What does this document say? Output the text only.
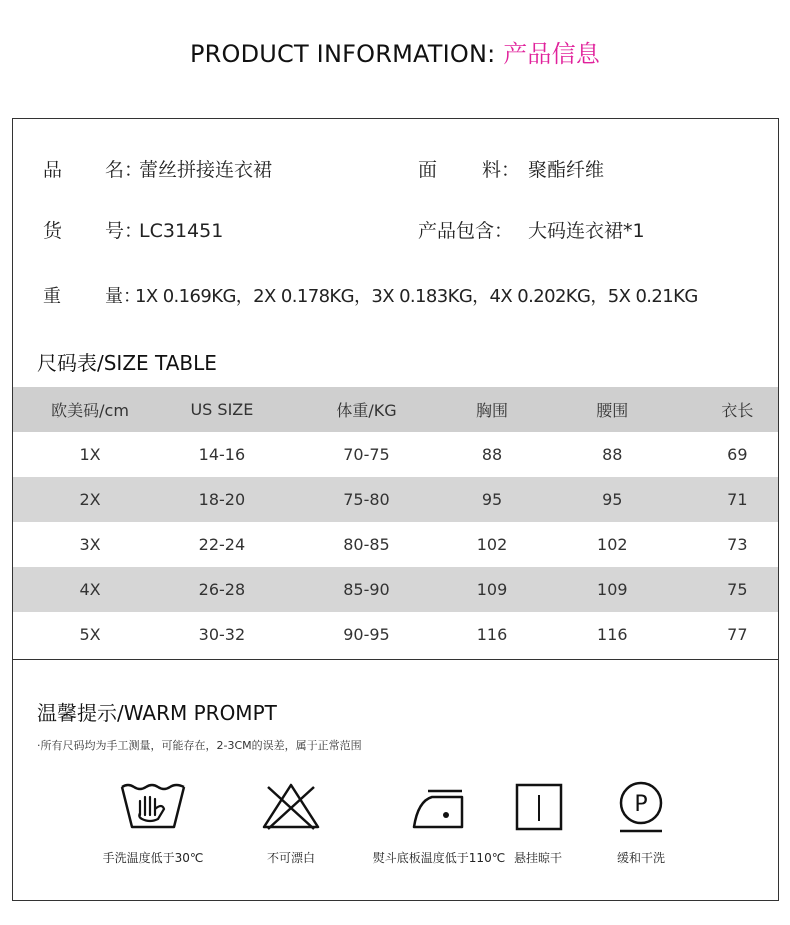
PRODUCT INFORMATION: 产品信息
品 名：蕾丝拼接连衣裙	面 料： 聚酯纤维
货 号：LC31451	产品包含： 大码连衣裙*1
重 量：1X 0.169KG，2X 0.178KG，3X 0.183KG，4X 0.202KG，5X 0.21KG
尺码表/SIZE TABLE
欧美码/cm	US SIZE	体重/KG	胸围	腰围	衣长
1X	14-16	70-75	88	88	69
2X	18-20	75-80	95	95	71
3X	22-24	80-85	102	102	73
4X	26-28	85-90	109	109	75
5X	30-32	90-95	116	116	77
温馨提示/WARM PROMPT
·所有尺码均为手工测量，可能存在，2-3CM的误差，属于正常范围
手洗温度低于30℃	不可漂白	熨斗底板温度低于110℃ 悬挂晾干
P
缓和干洗
